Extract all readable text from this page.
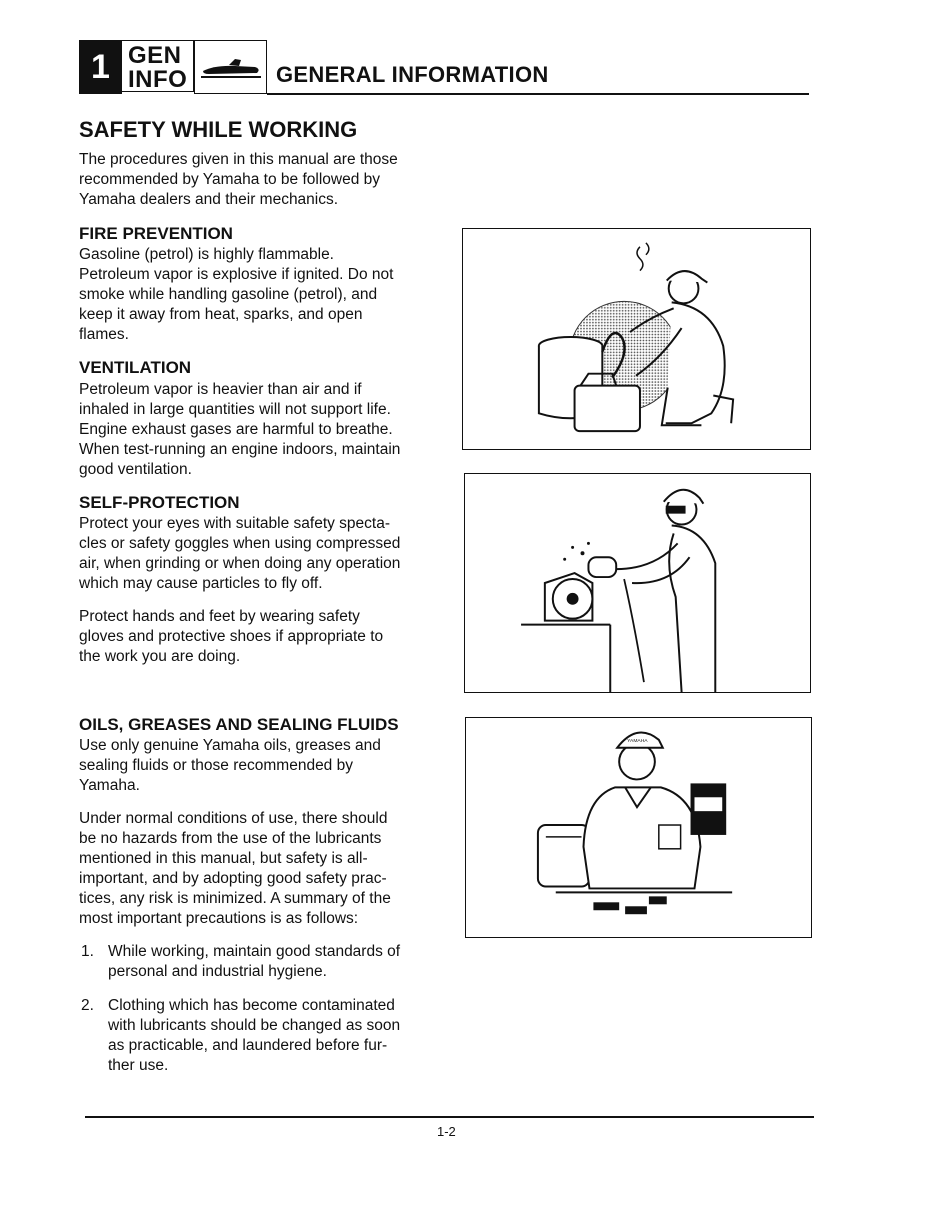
1 GEN
INFO	GENERAL INFORMATION
SAFETY WHILE WORKING

The procedures given in this manual are those

recommended by Yamaha to be followed by

Yamaha dealers and their mechanics.

FIRE PREVENTION

Gasoline (petrol) is highly flammable.

Petroleum vapor is explosive if ignited. Do not

smoke while handling gasoline (petrol), and

keep it away from heat, sparks, and open

flames.

VENTILATION

Petroleum vapor is heavier than air and if

inhaled in large quantities will not support life.

Engine exhaust gases are harmful to breathe.

When test-running an engine indoors, maintain

good ventilation.

SELF-PROTECTION

Protect your eyes with suitable safety specta-

cles or safety goggles when using compressed

air, when grinding or when doing any operation

which may cause particles to fly off.

Protect hands and feet by wearing safety

gloves and protective shoes if appropriate to

the work you are doing.

OILS, GREASES AND SEALING FLUIDS

Use only genuine Yamaha oils, greases and

sealing fluids or those recommended by

Yamaha.

Under normal conditions of use, there should

be no hazards from the use of the lubricants

mentioned in this manual, but safety is all-

important, and by adopting good safety prac-

tices, any risk is minimized. A summary of the

most important precautions is as follows:

1. While working, maintain good standards of
personal and industrial hygiene.
2. Clothing which has become contaminated
with lubricants should be changed as soon
as practicable, and laundered before fur-
ther use.
YAMAHA
1-2
